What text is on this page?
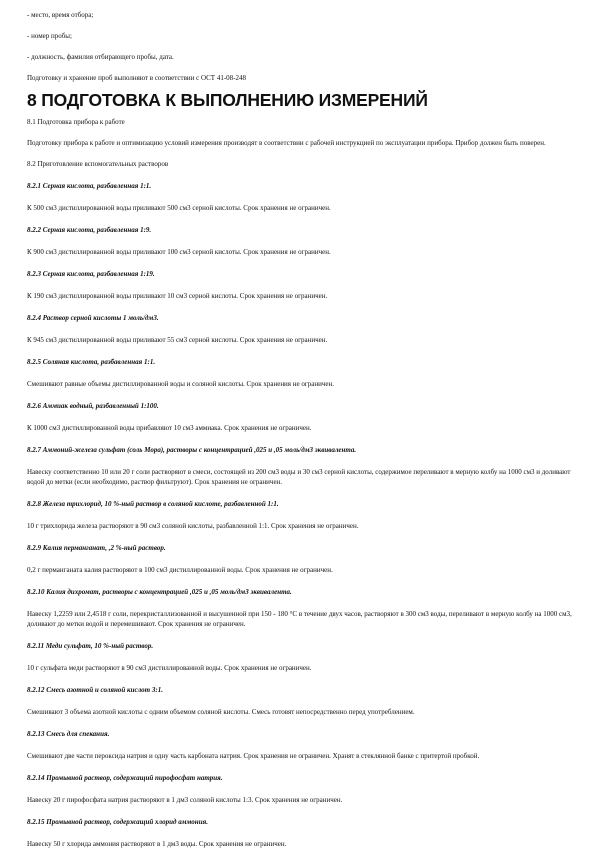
- место, время отбора;

- номер пробы;

- должность, фамилия отбирающего пробы, дата.

Подготовку и хранение проб выполняют в соответствии с ОСТ 41-08-248

8 ПОДГОТОВКА К ВЫПОЛНЕНИЮ ИЗМЕРЕНИЙ

8.1 Подготовка прибора к работе

Подготовку прибора к работе и оптимизацию условий измерения производят в соответствии с рабочей инструкцией по эксплуатации прибора. Прибор должен быть поверен.

8.2 Приготовление вспомогательных растворов

8.2.1 Серная кислота, разбавленная 1:1.

К 500 см3 дистиллированной воды приливают 500 см3 серной кислоты. Срок хранения не ограничен.

8.2.2 Серная кислота, разбавленная 1:9.

К 900 см3 дистиллированной воды приливают 100 см3 серной кислоты. Срок хранения не ограничен.

8.2.3 Серная кислота, разбавленная 1:19.

К 190 см3 дистиллированной воды приливают 10 см3 серной кислоты. Срок хранения не ограничен.

8.2.4 Раствор серной кислоты 1 моль/дм3.

К 945 см3 дистиллированной воды приливают 55 см3 серной кислоты. Срок хранения не ограничен.

8.2.5 Соляная кислота, разбавленная 1:1.

Смешивают равные объемы дистиллированной воды и соляной кислоты. Срок хранения не ограничен.

8.2.6 Аммиак водный, разбавленный 1:100.

К 1000 см3 дистиллированной воды прибавляют 10 см3 аммиака. Срок хранения не ограничен.

8.2.7 Аммоний-железа сульфат (соль Мора), растворы с концентрацией ,025 и ,05 моль/дм3 эквивалента.

Навеску соответственно 10 или 20 г соли растворяют в смеси, состоящей из 200 см3 воды и 30 см3 серной кислоты, содержимое переливают в мерную колбу на 1000 см3 и доливают водой до метки (если необходимо, раствор фильтруют). Срок хранения не ограничен.

8.2.8 Железа трихлорид, 10 %-ный раствор в соляной кислоте, разбавленной 1:1.

10 г трихлорида железа растворяют в 90 см3 соляной кислоты, разбавленной 1:1. Срок хранения не ограничен.

8.2.9 Калия перманганат, ,2 %-ный раствор.

0,2 г перманганата калия растворяют в 100 см3 дистиллированной воды. Срок хранения не ограничен.

8.2.10 Калия дихромат, растворы с концентрацией ,025 и ,05 моль/дм3 эквивалента.

Навеску 1,2259 или 2,4518 г соли, перекристаллизованной и высушенной при 150 - 180 °С в течение двух часов, растворяют в 300 см3 воды, переливают в мерную колбу на 1000 см3, доливают до метки водой и перемешивают. Срок хранения не ограничен.

8.2.11 Меди сульфат, 10 %-ный раствор.

10 г сульфата меди растворяют в 90 см3 дистиллированной воды. Срок хранения не ограничен.

8.2.12 Смесь азотной и соляной кислот 3:1.

Смешивают 3 объема азотной кислоты с одним объемом соляной кислоты. Смесь готовят непосредственно перед употреблением.

8.2.13 Смесь для спекания.

Смешивают две части пероксида натрия и одну часть карбоната натрия. Срок хранения не ограничен. Хранят в стеклянной банке с притертой пробкой.

8.2.14 Промывной раствор, содержащий пирофосфат натрия.

Навеску 20 г пирофосфата натрия растворяют в 1 дм3 соляной кислоты 1:3. Срок хранения не ограничен.

8.2.15 Промывной раствор, содержащий хлорид аммония.

Навеску 50 г хлорида аммония растворяют в 1 дм3 воды. Срок хранения не ограничен.
